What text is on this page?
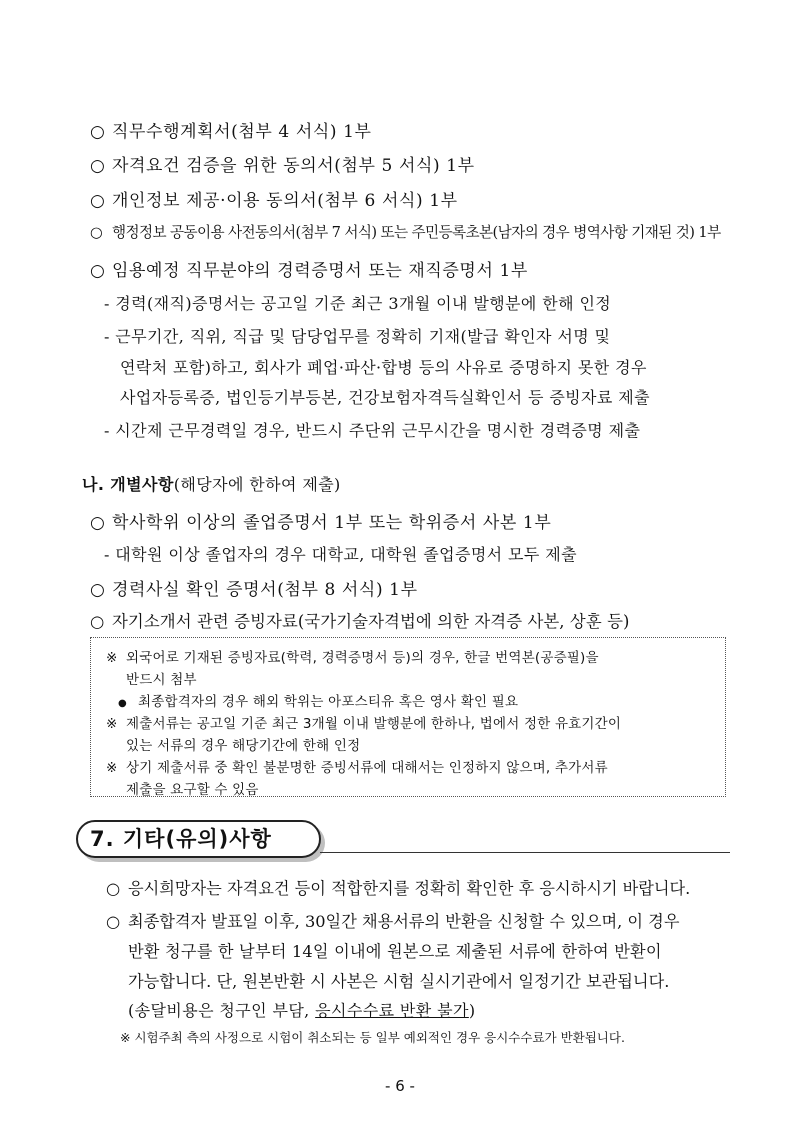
○ 직무수행계획서(첨부 4 서식) 1부
○ 자격요건 검증을 위한 동의서(첨부 5 서식) 1부
○ 개인정보 제공·이용 동의서(첨부 6 서식) 1부
○ 행정정보 공동이용 사전동의서(첨부 7 서식) 또는 주민등록초본(남자의 경우 병역사항 기재된 것) 1부
○ 임용예정 직무분야의 경력증명서 또는 재직증명서 1부
- 경력(재직)증명서는 공고일 기준 최근 3개월 이내 발행분에 한해 인정
- 근무기간, 직위, 직급 및 담당업무를 정확히 기재(발급 확인자 서명 및
연락처 포함)하고, 회사가 폐업·파산·합병 등의 사유로 증명하지 못한 경우
사업자등록증, 법인등기부등본, 건강보험자격득실확인서 등 증빙자료 제출
- 시간제 근무경력일 경우, 반드시 주단위 근무시간을 명시한 경력증명 제출
나. 개별사항(해당자에 한하여 제출)
○ 학사학위 이상의 졸업증명서 1부 또는 학위증서 사본 1부
- 대학원 이상 졸업자의 경우 대학교, 대학원 졸업증명서 모두 제출
○ 경력사실 확인 증명서(첨부 8 서식) 1부
○ 자기소개서 관련 증빙자료(국가기술자격법에 의한 자격증 사본, 상훈 등)
※ 외국어로 기재된 증빙자료(학력, 경력증명서 등)의 경우, 한글 번역본(공증필)을
반드시 첨부
● 최종합격자의 경우 해외 학위는 아포스티유 혹은 영사 확인 필요
※ 제출서류는 공고일 기준 최근 3개월 이내 발행분에 한하나, 법에서 정한 유효기간이
있는 서류의 경우 해당기간에 한해 인정
※ 상기 제출서류 중 확인 불분명한 증빙서류에 대해서는 인정하지 않으며, 추가서류
제출을 요구할 수 있음
7. 기타(유의)사항
○ 응시희망자는 자격요건 등이 적합한지를 정확히 확인한 후 응시하시기 바랍니다.
○ 최종합격자 발표일 이후, 30일간 채용서류의 반환을 신청할 수 있으며, 이 경우
반환 청구를 한 날부터 14일 이내에 원본으로 제출된 서류에 한하여 반환이
가능합니다. 단, 원본반환 시 사본은 시험 실시기관에서 일정기간 보관됩니다.
(송달비용은 청구인 부담, 응시수수료 반환 불가)
※ 시험주최 측의 사정으로 시험이 취소되는 등 일부 예외적인 경우 응시수수료가 반환됩니다.
- 6 -
